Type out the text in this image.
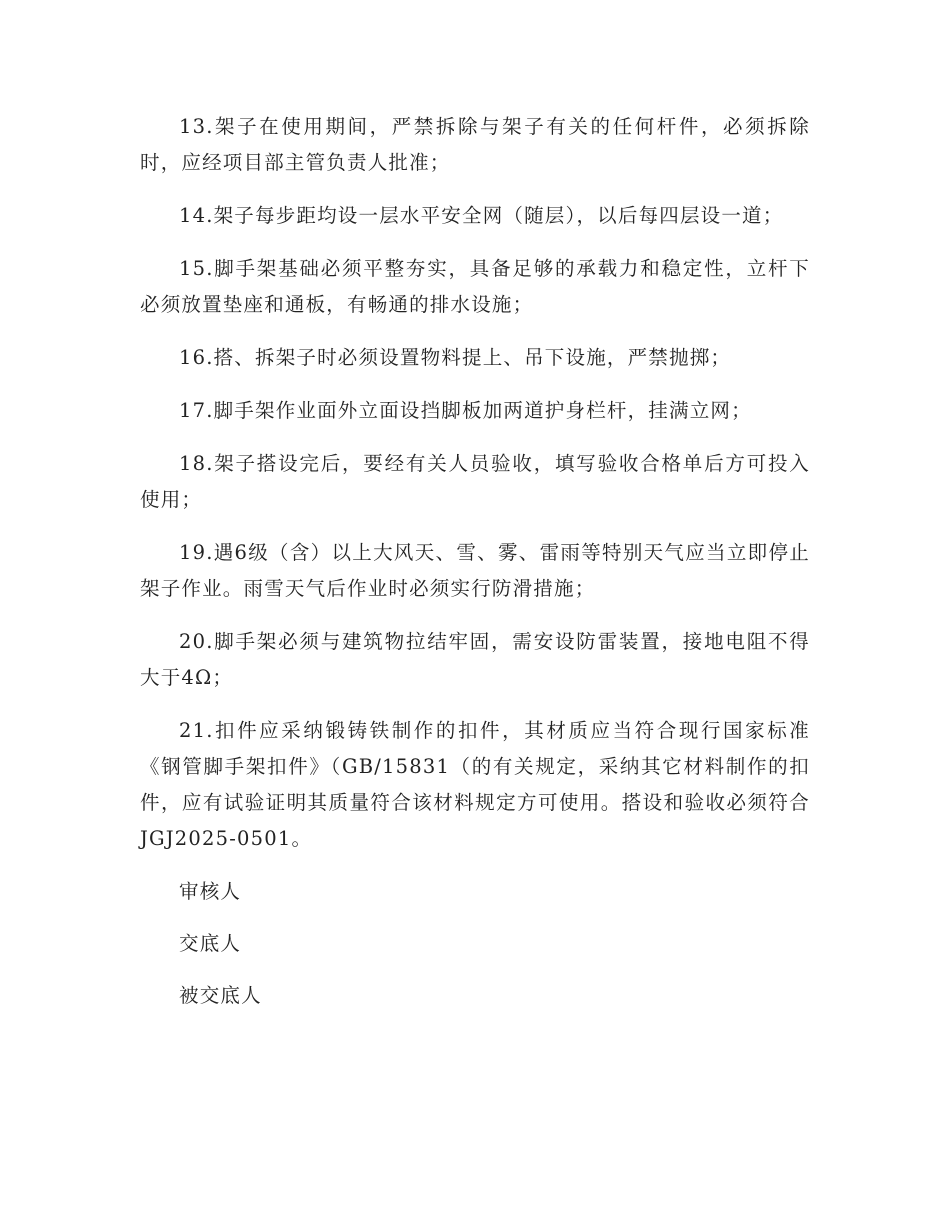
13.架子在使用期间，严禁拆除与架子有关的任何杆件，必须拆除时，应经项目部主管负责人批准；

14.架子每步距均设一层水平安全网（随层），以后每四层设一道；

15.脚手架基础必须平整夯实，具备足够的承载力和稳定性，立杆下必须放置垫座和通板，有畅通的排水设施；

16.搭、拆架子时必须设置物料提上、吊下设施，严禁抛掷；

17.脚手架作业面外立面设挡脚板加两道护身栏杆，挂满立网；

18.架子搭设完后，要经有关人员验收，填写验收合格单后方可投入使用；

19.遇6级（含）以上大风天、雪、雾、雷雨等特别天气应当立即停止架子作业。雨雪天气后作业时必须实行防滑措施；

20.脚手架必须与建筑物拉结牢固，需安设防雷装置，接地电阻不得大于4Ω；

21.扣件应采纳锻铸铁制作的扣件，其材质应当符合现行国家标准《钢管脚手架扣件》（GB/15831（的有关规定，采纳其它材料制作的扣件，应有试验证明其质量符合该材料规定方可使用。搭设和验收必须符合JGJ2025-0501。

审核人

交底人

被交底人
